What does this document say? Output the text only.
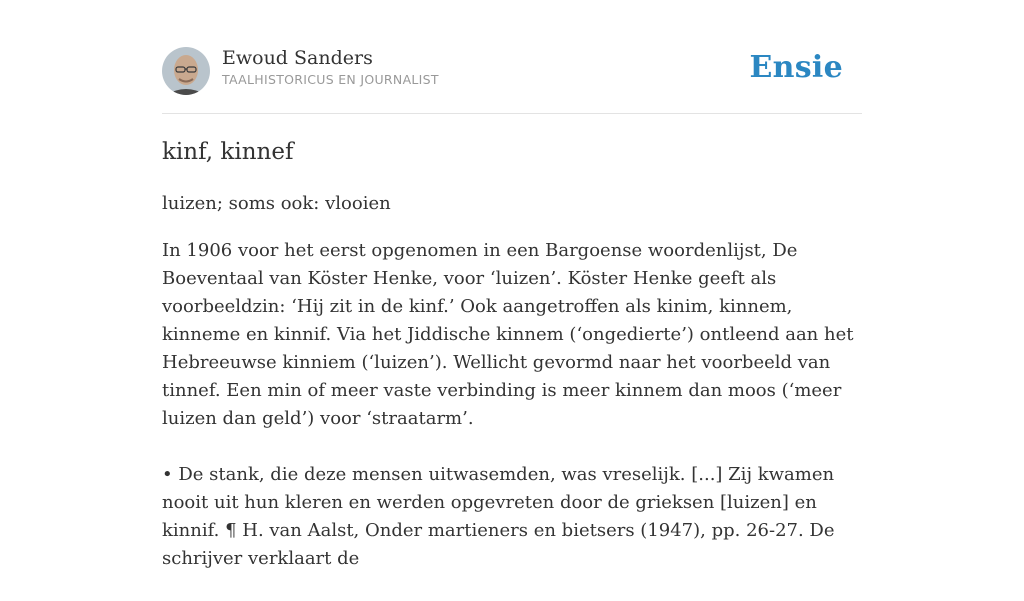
Ewoud Sanders
TAALHISTORICUS EN JOURNALIST	Ensie
kinf, kinnef

luizen; soms ook: vlooien

In 1906 voor het eerst opgenomen in een Bargoense woordenlijst, De Boeventaal van Köster Henke, voor ‘luizen’. Köster Henke geeft als voorbeeldzin: ‘Hij zit in de kinf.’ Ook aangetroffen als kinim, kinnem, kinneme en kinnif. Via het Jiddische kinnem (‘ongedierte’) ontleend aan het Hebreeuwse kinniem (‘luizen’). Wellicht gevormd naar het voorbeeld van tinnef. Een min of meer vaste verbinding is meer kinnem dan moos (‘meer luizen dan geld’) voor ‘straatarm’.

• De stank, die deze mensen uitwasemden, was vreselijk. [...] Zij kwamen nooit uit hun kleren en werden opgevreten door de grieksen [luizen] en kinnif. ¶ H. van Aalst, Onder martieners en bietsers (1947), pp. 26-27. De schrijver verklaart de
